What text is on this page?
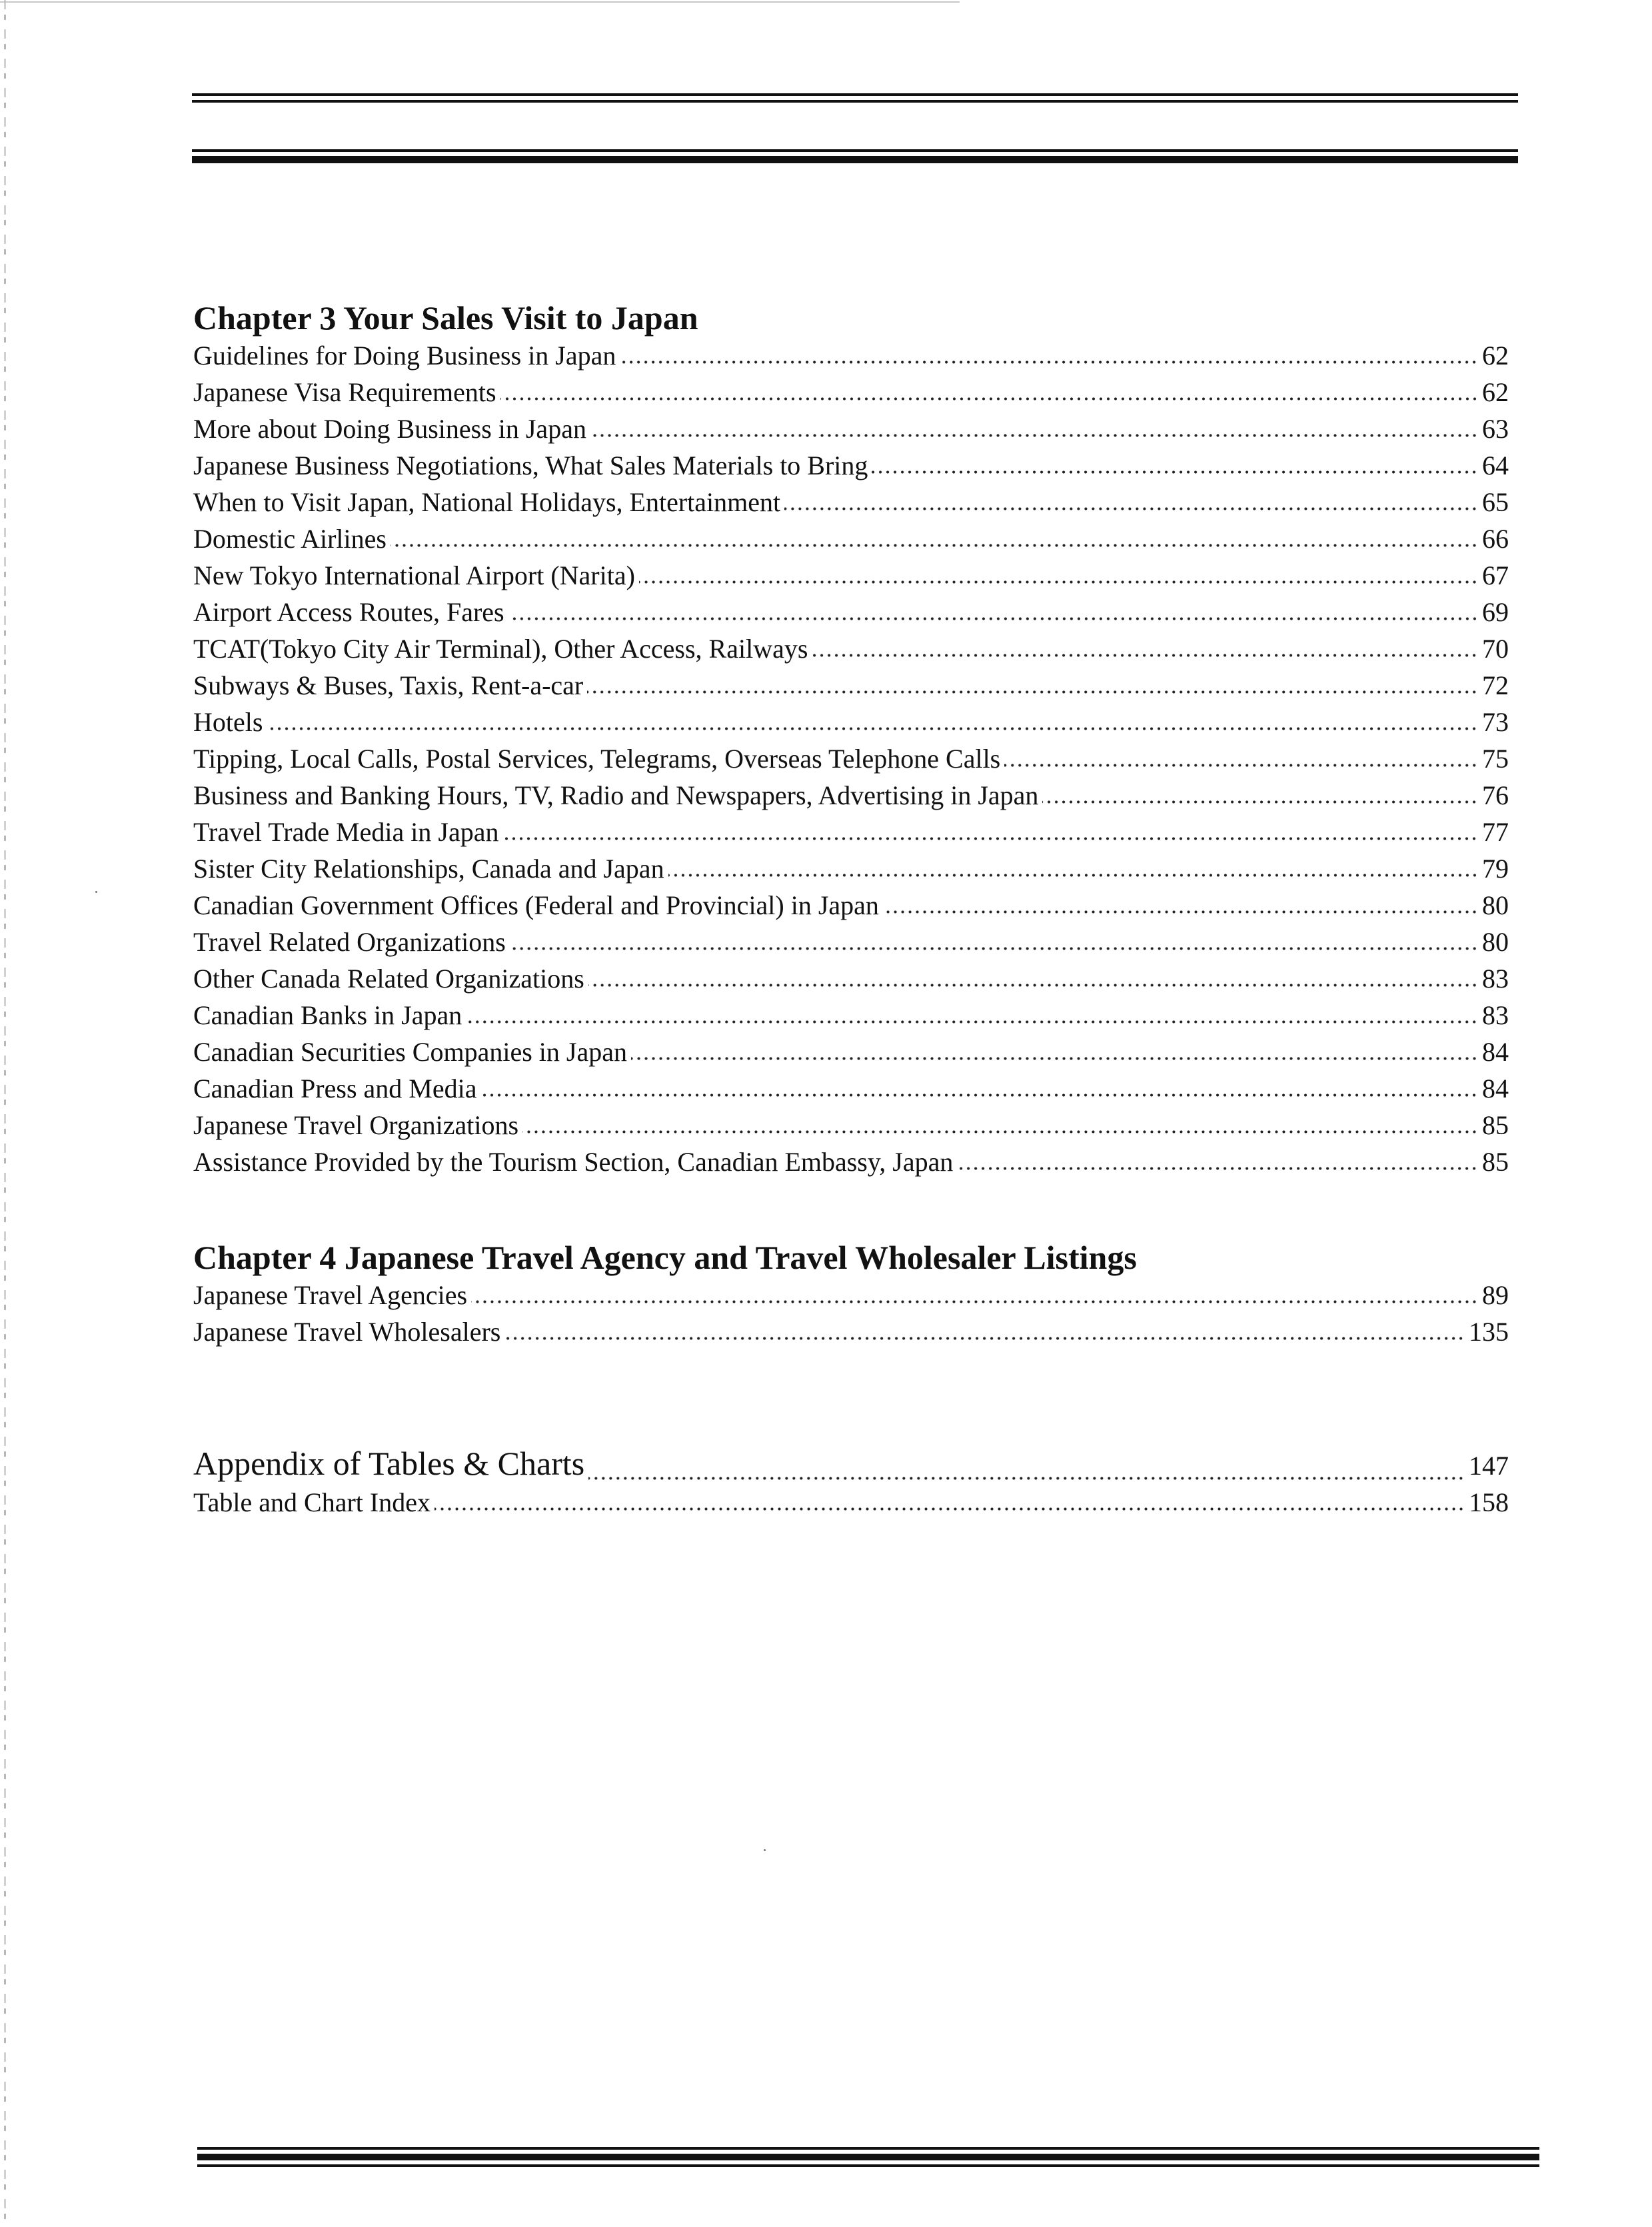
Chapter 3 Your Sales Visit to Japan
Guidelines for Doing Business in Japan	62
Japanese Visa Requirements	62
More about Doing Business in Japan	63
Japanese Business Negotiations, What Sales Materials to Bring	64
When to Visit Japan, National Holidays, Entertainment	65
Domestic Airlines	66
New Tokyo International Airport (Narita)	67
Airport Access Routes, Fares	69
TCAT(Tokyo City Air Terminal), Other Access, Railways	70
Subways & Buses, Taxis, Rent-a-car	72
Hotels	73
Tipping, Local Calls, Postal Services, Telegrams, Overseas Telephone Calls	75
Business and Banking Hours, TV, Radio and Newspapers, Advertising in Japan	76
Travel Trade Media in Japan	77
Sister City Relationships, Canada and Japan	79
Canadian Government Offices (Federal and Provincial) in Japan	80
Travel Related Organizations	80
Other Canada Related Organizations	83
Canadian Banks in Japan	83
Canadian Securities Companies in Japan	84
Canadian Press and Media	84
Japanese Travel Organizations	85
Assistance Provided by the Tourism Section, Canadian Embassy, Japan	85
Chapter 4 Japanese Travel Agency and Travel Wholesaler Listings
Japanese Travel Agencies	89
Japanese Travel Wholesalers	135
Appendix of Tables & Charts	147
Table and Chart Index	158
